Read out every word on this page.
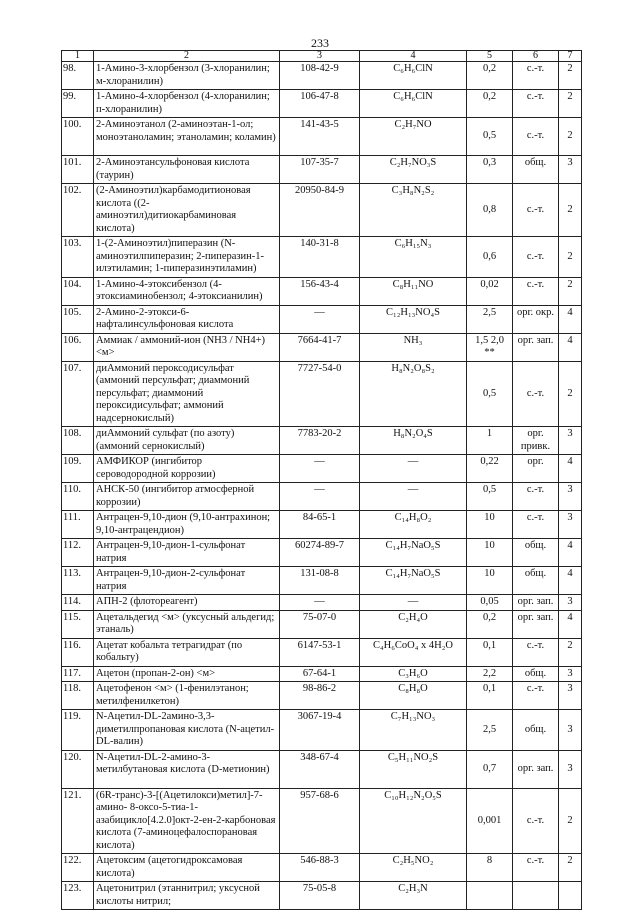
233
1	2	3	4	5	6	7
98.	1-Амино-3-хлорбензол (3-хлоранилин; м-хлоранилин)	108-42-9	C₆H₆ClN	0,2	с.-т.	2
99.	1-Амино-4-хлорбензол (4-хлоранилин; п-хлоранилин)	106-47-8	C₆H₆ClN	0,2	с.-т.	2
100.	2-Аминоэтанол (2-аминоэтан-1-ол; моноэтаноламин; этаноламин; коламин)	141-43-5	C₂H₇NO	0,5	с.-т.	2
101.	2-Аминоэтансульфоновая кислота (таурин)	107-35-7	C₂H₇NO₃S	0,3	общ.	3
102.	(2-Аминоэтил)карбамодитионовая кислота ((2-аминоэтил)дитиокарбаминовая кислота)	20950-84-9	C₃H₈N₂S₂	0,8	с.-т.	2
103.	1-(2-Аминоэтил)пиперазин (N-аминоэтилпиперазин; 2-пиперазин-1- илэтиламин; 1-пиперазинэтиламин)	140-31-8	C₆H₁₅N₃	0,6	с.-т.	2
104.	1-Амино-4-этоксибензол (4-этоксиаминобензол; 4-этоксианилин)	156-43-4	C₈H₁₁NO	0,02	с.-т.	2
105.	2-Амино-2-этокси-6-нафталинсульфоновая кислота	—	C₁₂H₁₃NO₄S	2,5	орг. окр.	4
106.	Аммиак / аммоний-ион (NH3 / NH4+) <м>	7664-41-7	NH₃	1,5 2,0 **	орг. зап.	4
107.	диАммоний пероксодисульфат (аммоний персульфат; диаммоний персульфат; диаммоний пероксидисульфат; аммоний надсернокислый)	7727-54-0	H₈N₂O₈S₂	0,5	с.-т.	2
108.	диАммоний сульфат (по азоту) (аммоний сернокислый)	7783-20-2	H₈N₂O₄S	1	орг. привк.	3
109.	АМФИКОР (ингибитор сероводородной коррозии)	—	—	0,22	орг.	4
110.	АНСК-50 (ингибитор атмосферной коррозии)	—	—	0,5	с.-т.	3
111.	Антрацен-9,10-дион (9,10-антрахинон; 9,10-антрацендион)	84-65-1	C₁₄H₈O₂	10	с.-т.	3
112.	Антрацен-9,10-дион-1-сульфонат натрия	60274-89-7	C₁₄H₇NaO₅S	10	общ.	4
113.	Антрацен-9,10-дион-2-сульфонат натрия	131-08-8	C₁₄H₇NaO₅S	10	общ.	4
114.	АПН-2 (флотореагент)	—	—	0,05	орг. зап.	3
115.	Ацетальдегид <м> (уксусный альдегид; этаналь)	75-07-0	C₂H₄O	0,2	орг. зап.	4
116.	Ацетат кобальта тетрагидрат (по кобальту)	6147-53-1	C₄H₆CoO₄ x 4H₂O	0,1	с.-т.	2
117.	Ацетон (пропан-2-он) <м>	67-64-1	C₃H₆O	2,2	общ.	3
118.	Ацетофенон <м> (1-фенилэтанон; метилфенилкетон)	98-86-2	C₈H₈O	0,1	с.-т.	3
119.	N-Ацетил-DL-2амино-3,3-диметилпропановая кислота (N-ацетил-DL-валин)	3067-19-4	C₇H₁₃NO₃	2,5	общ.	3
120.	N-Ацетил-DL-2-амино-3-метилбутановая кислота (D-метионин)	348-67-4	C₅H₁₁NO₂S	0,7	орг. зап.	3
121.	(6R-транс)-3-[(Ацетилокси)метил]-7-амино- 8-оксо-5-тиа-1-азабицикло[4.2.0]окт-2-ен-2-карбоновая кислота (7-аминоцефалоспорановая кислота)	957-68-6	C₁₀H₁₂N₂O₅S	0,001	с.-т.	2
122.	Ацетоксим (ацетогидроксамовая кислота)	546-88-3	C₂H₅NO₂	8	с.-т.	2
123.	Ацетонитрил (этаннитрил; уксусной кислоты нитрил;	75-05-8	C₂H₃N			
